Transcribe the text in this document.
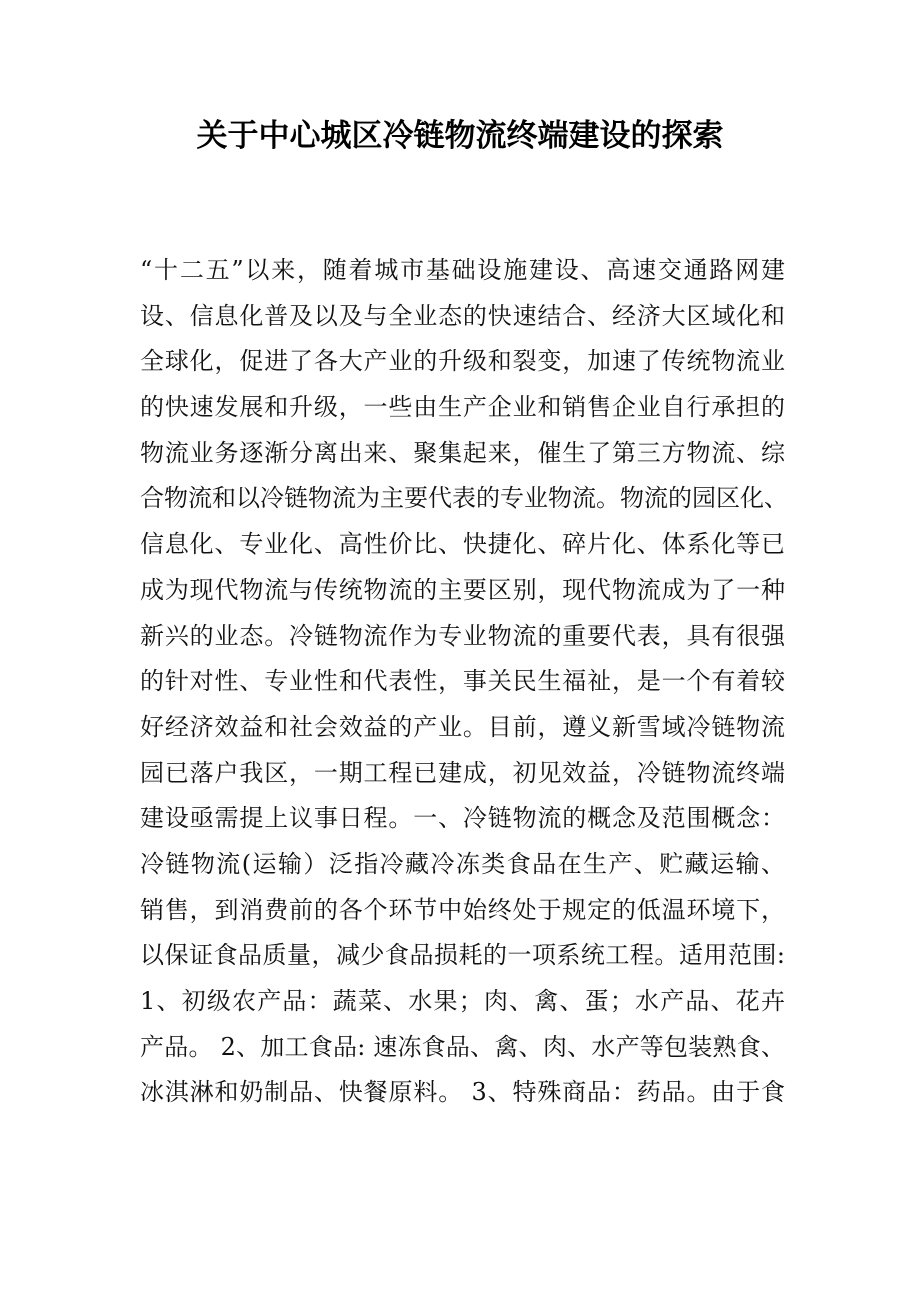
关于中心城区冷链物流终端建设的探索
“十二五”以来，随着城市基础设施建设、高速交通路网建
设、信息化普及以及与全业态的快速结合、经济大区域化和
全球化，促进了各大产业的升级和裂变，加速了传统物流业
的快速发展和升级，一些由生产企业和销售企业自行承担的
物流业务逐渐分离出来、聚集起来，催生了第三方物流、综
合物流和以冷链物流为主要代表的专业物流。物流的园区化、
信息化、专业化、高性价比、快捷化、碎片化、体系化等已
成为现代物流与传统物流的主要区别，现代物流成为了一种
新兴的业态。冷链物流作为专业物流的重要代表，具有很强
的针对性、专业性和代表性，事关民生福祉，是一个有着较
好经济效益和社会效益的产业。目前，遵义新雪域冷链物流
园已落户我区，一期工程已建成，初见效益，冷链物流终端
建设亟需提上议事日程。一、冷链物流的概念及范围概念：
冷链物流(运输）泛指冷藏冷冻类食品在生产、贮藏运输、
销售，到消费前的各个环节中始终处于规定的低温环境下，
以保证食品质量，减少食品损耗的一项系统工程。适用范围:
1、初级农产品：蔬菜、水果；肉、禽、蛋；水产品、花卉
产品。 2、加工食品: 速冻食品、禽、肉、水产等包装熟食、
冰淇淋和奶制品、快餐原料。 3、特殊商品：药品。由于食
